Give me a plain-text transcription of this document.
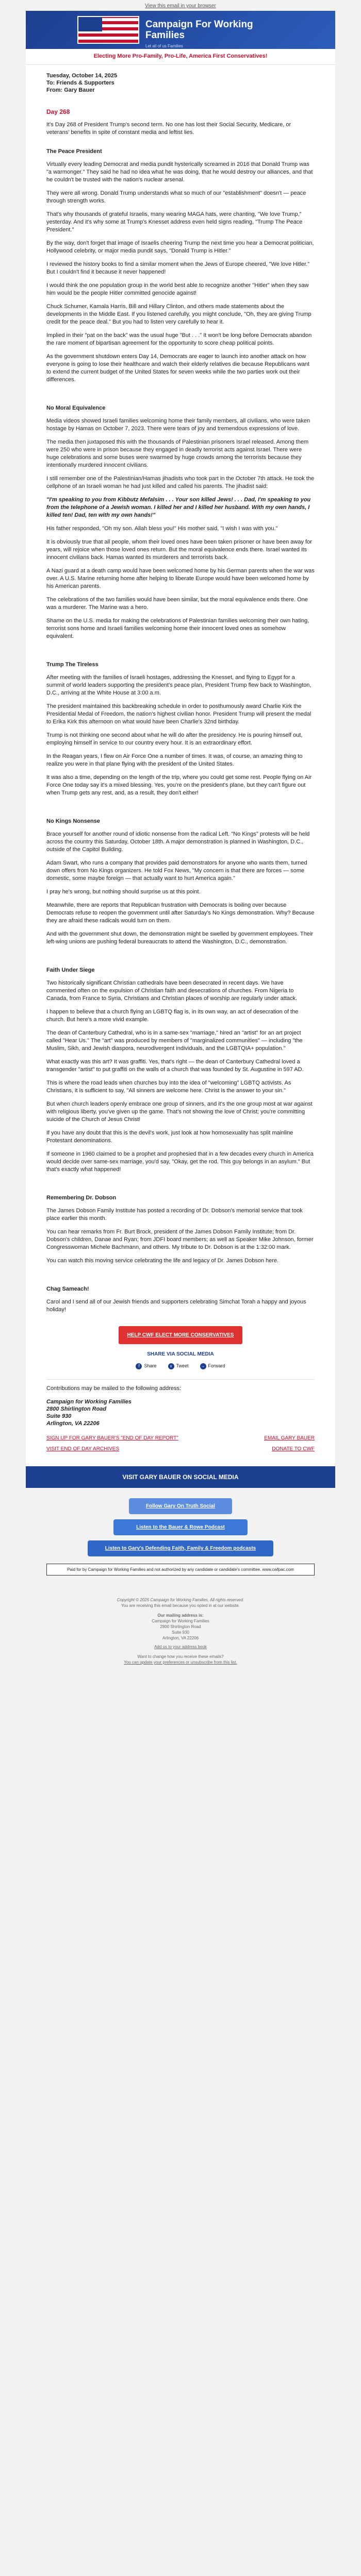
View this email in your browser
Campaign For Working
Families
Let all of us Families
Electing More Pro-Family, Pro-Life, America First Conservatives!
Tuesday, October 14, 2025
To: Friends & Supporters
From: Gary Bauer
Day 268

It's Day 268 of President Trump's second term. No one has lost their Social Security, Medicare, or veterans' benefits in spite of constant media and leftist lies.

The Peace President

Virtually every leading Democrat and media pundit hysterically screamed in 2016 that Donald Trump was "a warmonger." They said he had no idea what he was doing, that he would destroy our alliances, and that he couldn't be trusted with the nation's nuclear arsenal.

They were all wrong. Donald Trump understands what so much of our "establishment" doesn't — peace through strength works.

That's why thousands of grateful Israelis, many wearing MAGA hats, were chanting, "We love Trump," yesterday. And it's why some at Trump's Knesset address even held signs reading, "Trump The Peace President."

By the way, don't forget that image of Israelis cheering Trump the next time you hear a Democrat politician, Hollywood celebrity, or major media pundit says, "Donald Trump is Hitler."

I reviewed the history books to find a similar moment when the Jews of Europe cheered, "We love Hitler." But I couldn't find it because it never happened!

I would think the one population group in the world best able to recognize another "Hitler" when they saw him would be the people Hitler committed genocide against!

Chuck Schumer, Kamala Harris, Bill and Hillary Clinton, and others made statements about the developments in the Middle East. If you listened carefully, you might conclude, "Oh, they are giving Trump credit for the peace deal." But you had to listen very carefully to hear it.

Implied in their "pat on the back" was the usual huge "But . . ." It won't be long before Democrats abandon the rare moment of bipartisan agreement for the opportunity to score cheap political points.

As the government shutdown enters Day 14, Democrats are eager to launch into another attack on how everyone is going to lose their healthcare and watch their elderly relatives die because Republicans want to extend the current budget of the United States for seven weeks while the two parties work out their differences.

No Moral Equivalence

Media videos showed Israeli families welcoming home their family members, all civilians, who were taken hostage by Hamas on October 7, 2023. There were tears of joy and tremendous expressions of love.

The media then juxtaposed this with the thousands of Palestinian prisoners Israel released. Among them were 250 who were in prison because they engaged in deadly terrorist acts against Israel. There were huge celebrations and some buses were swarmed by huge crowds among the terrorists because they intentionally murdered innocent civilians.

I still remember one of the Palestinian/Hamas jihadists who took part in the October 7th attack. He took the cellphone of an Israeli woman he had just killed and called his parents. The jihadist said:

"I'm speaking to you from Kibbutz Mefalsim . . . Your son killed Jews! . . . Dad, I'm speaking to you from the telephone of a Jewish woman. I killed her and I killed her husband. With my own hands, I killed ten! Dad, ten with my own hands!"

His father responded, "Oh my son. Allah bless you!" His mother said, "I wish I was with you."

It is obviously true that all people, whom their loved ones have been taken prisoner or have been away for years, will rejoice when those loved ones return. But the moral equivalence ends there. Israel wanted its innocent civilians back. Hamas wanted its murderers and terrorists back.

A Nazi guard at a death camp would have been welcomed home by his German parents when the war was over. A U.S. Marine returning home after helping to liberate Europe would have been welcomed home by his American parents.

The celebrations of the two families would have been similar, but the moral equivalence ends there. One was a murderer. The Marine was a hero.

Shame on the U.S. media for making the celebrations of Palestinian families welcoming their own hating, terrorist sons home and Israeli families welcoming home their innocent loved ones as somehow equivalent.

Trump The Tireless

After meeting with the families of Israeli hostages, addressing the Knesset, and flying to Egypt for a summit of world leaders supporting the president's peace plan, President Trump flew back to Washington, D.C., arriving at the White House at 3:00 a.m.

The president maintained this backbreaking schedule in order to posthumously award Charlie Kirk the Presidential Medal of Freedom, the nation's highest civilian honor. President Trump will present the medal to Erika Kirk this afternoon on what would have been Charlie's 32nd birthday.

Trump is not thinking one second about what he will do after the presidency. He is pouring himself out, employing himself in service to our country every hour. It is an extraordinary effort.

In the Reagan years, I flew on Air Force One a number of times. It was, of course, an amazing thing to realize you were in that plane flying with the president of the United States.

It was also a time, depending on the length of the trip, where you could get some rest. People flying on Air Force One today say it's a mixed blessing. Yes, you're on the president's plane, but they can't figure out when Trump gets any rest, and, as a result, they don't either!

No Kings Nonsense

Brace yourself for another round of idiotic nonsense from the radical Left. "No Kings" protests will be held across the country this Saturday, October 18th. A major demonstration is planned in Washington, D.C., outside of the Capitol Building.

Adam Swart, who runs a company that provides paid demonstrators for anyone who wants them, turned down offers from No Kings organizers. He told Fox News, "My concern is that there are forces — some domestic, some maybe foreign — that actually want to hurt America again."

I pray he's wrong, but nothing should surprise us at this point.

Meanwhile, there are reports that Republican frustration with Democrats is boiling over because Democrats refuse to reopen the government until after Saturday's No Kings demonstration. Why? Because they are afraid these radicals would turn on them.

And with the government shut down, the demonstration might be swelled by government employees. Their left-wing unions are pushing federal bureaucrats to attend the Washington, D.C., demonstration.

Faith Under Siege

Two historically significant Christian cathedrals have been desecrated in recent days. We have commented often on the expulsion of Christian faith and desecrations of churches. From Nigeria to Canada, from France to Syria, Christians and Christian places of worship are regularly under attack.

I happen to believe that a church flying an LGBTQ flag is, in its own way, an act of desecration of the church. But here's a more vivid example.

The dean of Canterbury Cathedral, who is in a same-sex "marriage," hired an "artist" for an art project called "Hear Us." The "art" was produced by members of "marginalized communities" — including "the Muslim, Sikh, and Jewish diaspora, neurodivergent individuals, and the LGBTQIA+ population."

What exactly was this art? It was graffiti. Yes, that's right — the dean of Canterbury Cathedral loved a transgender "artist" to put graffiti on the walls of a church that was founded by St. Augustine in 597 AD.

This is where the road leads when churches buy into the idea of "welcoming" LGBTQ activists. As Christians, it is sufficient to say, "All sinners are welcome here. Christ is the answer to your sin."

But when church leaders openly embrace one group of sinners, and it's the one group most at war against with religious liberty, you've given up the game. That's not showing the love of Christ; you're committing suicide of the Church of Jesus Christ!

If you have any doubt that this is the devil's work, just look at how homosexuality has split mainline Protestant denominations.

If someone in 1960 claimed to be a prophet and prophesied that in a few decades every church in America would decide over same-sex marriage, you'd say, "Okay, get the rod. This guy belongs in an asylum." But that's exactly what happened!

Remembering Dr. Dobson

The James Dobson Family Institute has posted a recording of Dr. Dobson's memorial service that took place earlier this month.

You can hear remarks from Fr. Burt Brock, president of the James Dobson Family Institute; from Dr. Dobson's children, Danae and Ryan; from JDFI board members; as well as Speaker Mike Johnson, former Congresswoman Michele Bachmann, and others. My tribute to Dr. Dobson is at the 1:32:00 mark.

You can watch this moving service celebrating the life and legacy of Dr. James Dobson here.

Chag Sameach!

Carol and I send all of our Jewish friends and supporters celebrating Simchat Torah a happy and joyous holiday!

HELP CWF ELECT MORE CONSERVATIVES
SHARE VIA SOCIAL MEDIA
f Share	x Tweet	→ Forward

Contributions may be mailed to the following address:

Campaign for Working Families
2800 Shirlington Road
Suite 930
Arlington, VA 22206
SIGN UP FOR GARY BAUER'S "END OF DAY REPORT"	EMAIL GARY BAUER
VISIT END OF DAY ARCHIVES	DONATE TO CWF
VISIT GARY BAUER ON SOCIAL MEDIA
Follow Gary On Truth Social
Listen to the Bauer & Rowe Podcast
Listen to Gary's Defending Faith, Family & Freedom podcasts
Paid for by Campaign for Working Families and not authorized by any candidate or candidate's committee. www.cwfpac.com
Copyright © 2025 Campaign for Working Families, All rights reserved.
You are receiving this email because you opted in at our website.
Our mailing address is:
Campaign for Working Families
2800 Shirlington Road
Suite 930
Arlington, VA 22206
Add us to your address book
Want to change how you receive these emails?
You can update your preferences or unsubscribe from this list.
